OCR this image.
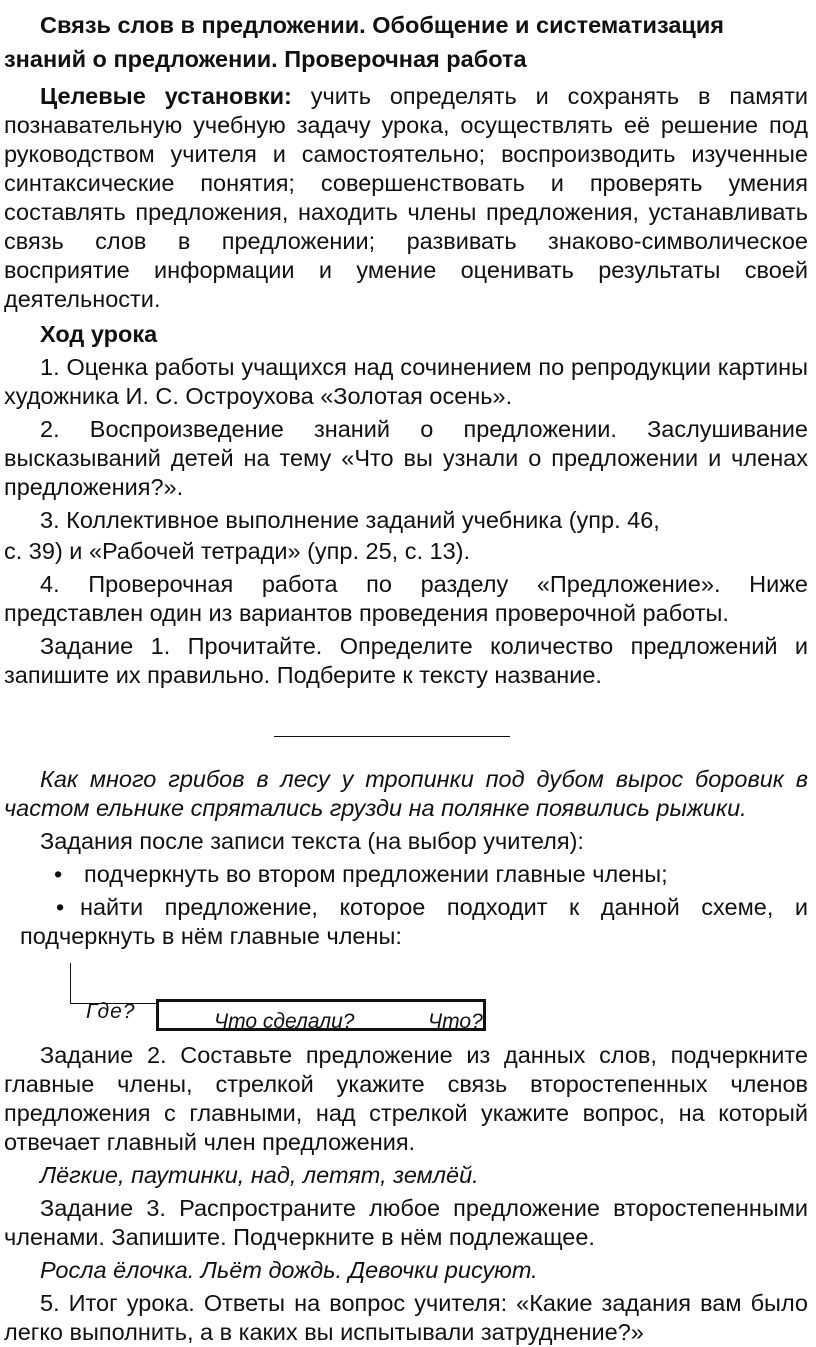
Связь слов в предложении. Обобщение и систематизация знаний о предложении. Проверочная работа

Целевые установки: учить определять и сохранять в памяти познавательную учебную задачу урока, осуществлять её решение под руководством учителя и самостоятельно; воспроизводить изученные синтаксические понятия; совершенствовать и проверять умения составлять предложения, находить члены предложения, устанавливать связь слов в предложении; развивать знаково-символическое восприятие информации и умение оценивать результаты своей деятельности.

Ход урока

1. Оценка работы учащихся над сочинением по репродукции картины художника И. С. Остроухова «Золотая осень».

2. Воспроизведение знаний о предложении. Заслушивание высказываний детей на тему «Что вы узнали о предложении и членах предложения?».

3. Коллективное выполнение заданий учебника (упр. 46,

с. 39) и «Рабочей тетради» (упр. 25, с. 13).

4. Проверочная работа по разделу «Предложение». Ниже представлен один из вариантов проведения проверочной работы.

Задание 1. Прочитайте. Определите количество предложений и запишите их правильно. Подберите к тексту название.

Как много грибов в лесу у тропинки под дубом вырос боровик в частом ельнике спрятались грузди на полянке появились рыжики.

Задания после записи текста (на выбор учителя):

• подчеркнуть во втором предложении главные члены;

• найти предложение, которое подходит к данной схеме, и подчеркнуть в нём главные члены:

Где?	Что сделали?	Что?

Задание 2. Составьте предложение из данных слов, подчеркните главные члены, стрелкой укажите связь второстепенных членов предложения с главными, над стрелкой укажите вопрос, на который отвечает главный член предложения.

Лёгкие, паутинки, над, летят, землёй.

Задание 3. Распространите любое предложение второстепенными членами. Запишите. Подчеркните в нём подлежащее.

Росла ёлочка. Льёт дождь. Девочки рисуют.

5. Итог урока. Ответы на вопрос учителя: «Какие задания вам было легко выполнить, а в каких вы испытывали затруднение?»
